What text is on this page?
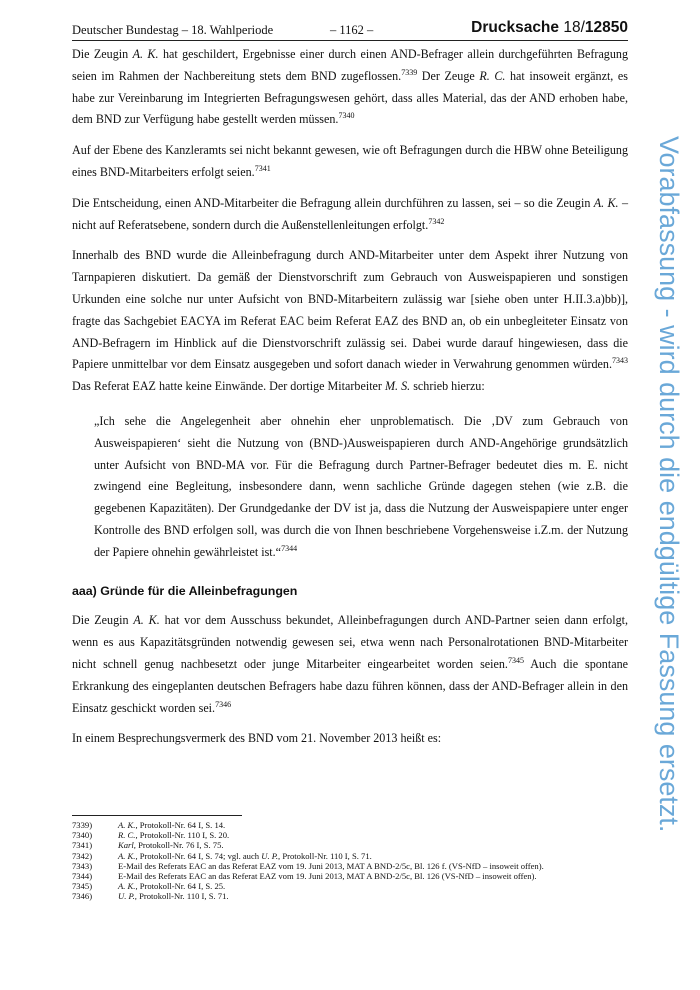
Deutscher Bundestag – 18. Wahlperiode	– 1162 –	Drucksache 18/12850

Die Zeugin A. K. hat geschildert, Ergebnisse einer durch einen AND-Befrager allein durchgeführten Befragung seien im Rahmen der Nachbereitung stets dem BND zugeflossen.$^{7339}$ Der Zeuge R. C. hat insoweit ergänzt, es habe zur Vereinbarung im Integrierten Befragungswesen gehört, dass alles Material, das der AND erhoben habe, dem BND zur Verfügung habe gestellt werden müssen.$^{7340}$

Auf der Ebene des Kanzleramts sei nicht bekannt gewesen, wie oft Befragungen durch die HBW ohne Beteiligung eines BND-Mitarbeiters erfolgt seien.$^{7341}$

Die Entscheidung, einen AND-Mitarbeiter die Befragung allein durchführen zu lassen, sei – so die Zeugin A. K. – nicht auf Referatsebene, sondern durch die Außenstellenleitungen erfolgt.$^{7342}$

Innerhalb des BND wurde die Alleinbefragung durch AND-Mitarbeiter unter dem Aspekt ihrer Nutzung von Tarnpapieren diskutiert. Da gemäß der Dienstvorschrift zum Gebrauch von Ausweispapieren und sonstigen Urkunden eine solche nur unter Aufsicht von BND-Mitarbeitern zulässig war [siehe oben unter H.II.3.a)bb)], fragte das Sachgebiet EACYA im Referat EAC beim Referat EAZ des BND an, ob ein unbegleiteter Einsatz von AND-Befragern im Hinblick auf die Dienstvorschrift zulässig sei. Dabei wurde darauf hingewiesen, dass die Papiere unmittelbar vor dem Einsatz ausgegeben und sofort danach wieder in Verwahrung genommen würden.$^{7343}$ Das Referat EAZ hatte keine Einwände. Der dortige Mitarbeiter M. S. schrieb hierzu:

„Ich sehe die Angelegenheit aber ohnehin eher unproblematisch. Die ‚DV zum Gebrauch von Ausweispapieren‘ sieht die Nutzung von (BND-)Ausweispapieren durch AND-Angehörige grundsätzlich unter Aufsicht von BND-MA vor. Für die Befragung durch Partner-Befrager bedeutet dies m. E. nicht zwingend eine Begleitung, insbesondere dann, wenn sachliche Gründe dagegen stehen (wie z.B. die gegebenen Kapazitäten). Der Grundgedanke der DV ist ja, dass die Nutzung der Ausweispapiere unter enger Kontrolle des BND erfolgen soll, was durch die von Ihnen beschriebene Vorgehensweise i.Z.m. der Nutzung der Papiere ohnehin gewährleistet ist.“$^{7344}$

aaa) Gründe für die Alleinbefragungen

Die Zeugin A. K. hat vor dem Ausschuss bekundet, Alleinbefragungen durch AND-Partner seien dann erfolgt, wenn es aus Kapazitätsgründen notwendig gewesen sei, etwa wenn nach Personalrotationen BND-Mitarbeiter nicht schnell genug nachbesetzt oder junge Mitarbeiter eingearbeitet worden seien.$^{7345}$ Auch die spontane Erkrankung des eingeplanten deutschen Befragers habe dazu führen können, dass der AND-Befrager allein in den Einsatz geschickt worden sei.$^{7346}$

In einem Besprechungsvermerk des BND vom 21. November 2013 heißt es:

7339)	A. K., Protokoll-Nr. 64 I, S. 14.
7340)	R. C., Protokoll-Nr. 110 I, S. 20.
7341)	Karl, Protokoll-Nr. 76 I, S. 75.
7342)	A. K., Protokoll-Nr. 64 I, S. 74; vgl. auch U. P., Protokoll-Nr. 110 I, S. 71.
7343)	E-Mail des Referats EAC an das Referat EAZ vom 19. Juni 2013, MAT A BND-2/5c, Bl. 126 f. (VS-NfD – insoweit offen).
7344)	E-Mail des Referats EAC an das Referat EAZ vom 19. Juni 2013, MAT A BND-2/5c, Bl. 126 (VS-NfD – insoweit offen).
7345)	A. K., Protokoll-Nr. 64 I, S. 25.
7346)	U. P., Protokoll-Nr. 110 I, S. 71.
Vorabfassung - wird durch die endgültige Fassung ersetzt.
